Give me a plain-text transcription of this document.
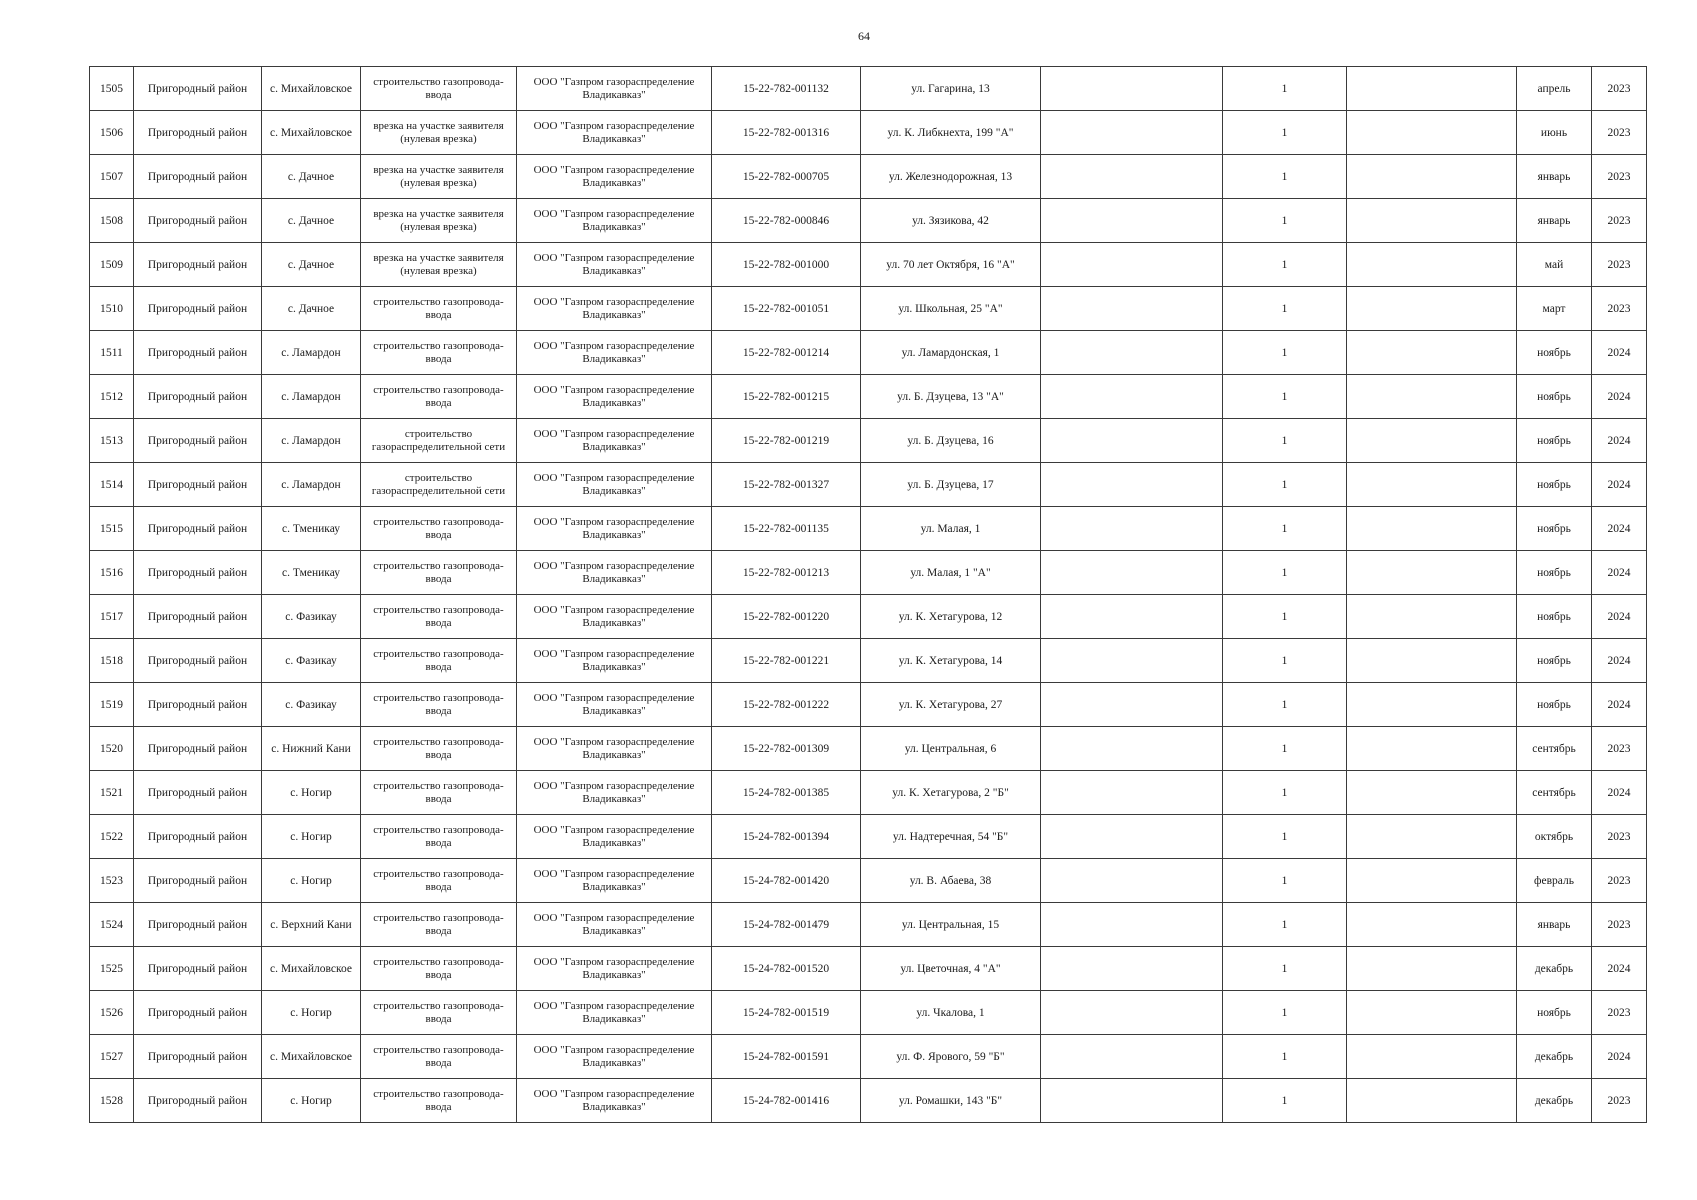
64
1505	Пригородный район	с. Михайловское	строительство газопровода-ввода	ООО "Газпром газораспределение Владикавказ"	15-22-782-001132	ул. Гагарина, 13		1		апрель	2023
1506	Пригородный район	с. Михайловское	врезка на участке заявителя (нулевая врезка)	ООО "Газпром газораспределение Владикавказ"	15-22-782-001316	ул. К. Либкнехта, 199 "А"		1		июнь	2023
1507	Пригородный район	с. Дачное	врезка на участке заявителя (нулевая врезка)	ООО "Газпром газораспределение Владикавказ"	15-22-782-000705	ул. Железнодорожная, 13		1		январь	2023
1508	Пригородный район	с. Дачное	врезка на участке заявителя (нулевая врезка)	ООО "Газпром газораспределение Владикавказ"	15-22-782-000846	ул. Зязикова, 42		1		январь	2023
1509	Пригородный район	с. Дачное	врезка на участке заявителя (нулевая врезка)	ООО "Газпром газораспределение Владикавказ"	15-22-782-001000	ул. 70 лет Октября, 16 "А"		1		май	2023
1510	Пригородный район	с. Дачное	строительство газопровода-ввода	ООО "Газпром газораспределение Владикавказ"	15-22-782-001051	ул. Школьная, 25 "А"		1		март	2023
1511	Пригородный район	с. Ламардон	строительство газопровода-ввода	ООО "Газпром газораспределение Владикавказ"	15-22-782-001214	ул. Ламардонская, 1		1		ноябрь	2024
1512	Пригородный район	с. Ламардон	строительство газопровода-ввода	ООО "Газпром газораспределение Владикавказ"	15-22-782-001215	ул. Б. Дзуцева, 13 "А"		1		ноябрь	2024
1513	Пригородный район	с. Ламардон	строительство газораспределительной сети	ООО "Газпром газораспределение Владикавказ"	15-22-782-001219	ул. Б. Дзуцева, 16		1		ноябрь	2024
1514	Пригородный район	с. Ламардон	строительство газораспределительной сети	ООО "Газпром газораспределение Владикавказ"	15-22-782-001327	ул. Б. Дзуцева, 17		1		ноябрь	2024
1515	Пригородный район	с. Тменикау	строительство газопровода-ввода	ООО "Газпром газораспределение Владикавказ"	15-22-782-001135	ул. Малая, 1		1		ноябрь	2024
1516	Пригородный район	с. Тменикау	строительство газопровода-ввода	ООО "Газпром газораспределение Владикавказ"	15-22-782-001213	ул. Малая, 1 "А"		1		ноябрь	2024
1517	Пригородный район	с. Фазикау	строительство газопровода-ввода	ООО "Газпром газораспределение Владикавказ"	15-22-782-001220	ул. К. Хетагурова, 12		1		ноябрь	2024
1518	Пригородный район	с. Фазикау	строительство газопровода-ввода	ООО "Газпром газораспределение Владикавказ"	15-22-782-001221	ул. К. Хетагурова, 14		1		ноябрь	2024
1519	Пригородный район	с. Фазикау	строительство газопровода-ввода	ООО "Газпром газораспределение Владикавказ"	15-22-782-001222	ул. К. Хетагурова, 27		1		ноябрь	2024
1520	Пригородный район	с. Нижний Кани	строительство газопровода-ввода	ООО "Газпром газораспределение Владикавказ"	15-22-782-001309	ул. Центральная, 6		1		сентябрь	2023
1521	Пригородный район	с. Ногир	строительство газопровода-ввода	ООО "Газпром газораспределение Владикавказ"	15-24-782-001385	ул. К. Хетагурова, 2 "Б"		1		сентябрь	2024
1522	Пригородный район	с. Ногир	строительство газопровода-ввода	ООО "Газпром газораспределение Владикавказ"	15-24-782-001394	ул. Надтеречная, 54 "Б"		1		октябрь	2023
1523	Пригородный район	с. Ногир	строительство газопровода-ввода	ООО "Газпром газораспределение Владикавказ"	15-24-782-001420	ул. В. Абаева, 38		1		февраль	2023
1524	Пригородный район	с. Верхний Кани	строительство газопровода-ввода	ООО "Газпром газораспределение Владикавказ"	15-24-782-001479	ул. Центральная, 15		1		январь	2023
1525	Пригородный район	с. Михайловское	строительство газопровода-ввода	ООО "Газпром газораспределение Владикавказ"	15-24-782-001520	ул. Цветочная, 4 "А"		1		декабрь	2024
1526	Пригородный район	с. Ногир	строительство газопровода-ввода	ООО "Газпром газораспределение Владикавказ"	15-24-782-001519	ул. Чкалова, 1		1		ноябрь	2023
1527	Пригородный район	с. Михайловское	строительство газопровода-ввода	ООО "Газпром газораспределение Владикавказ"	15-24-782-001591	ул. Ф. Ярового, 59 "Б"		1		декабрь	2024
1528	Пригородный район	с. Ногир	строительство газопровода-ввода	ООО "Газпром газораспределение Владикавказ"	15-24-782-001416	ул. Ромашки, 143 "Б"		1		декабрь	2023
